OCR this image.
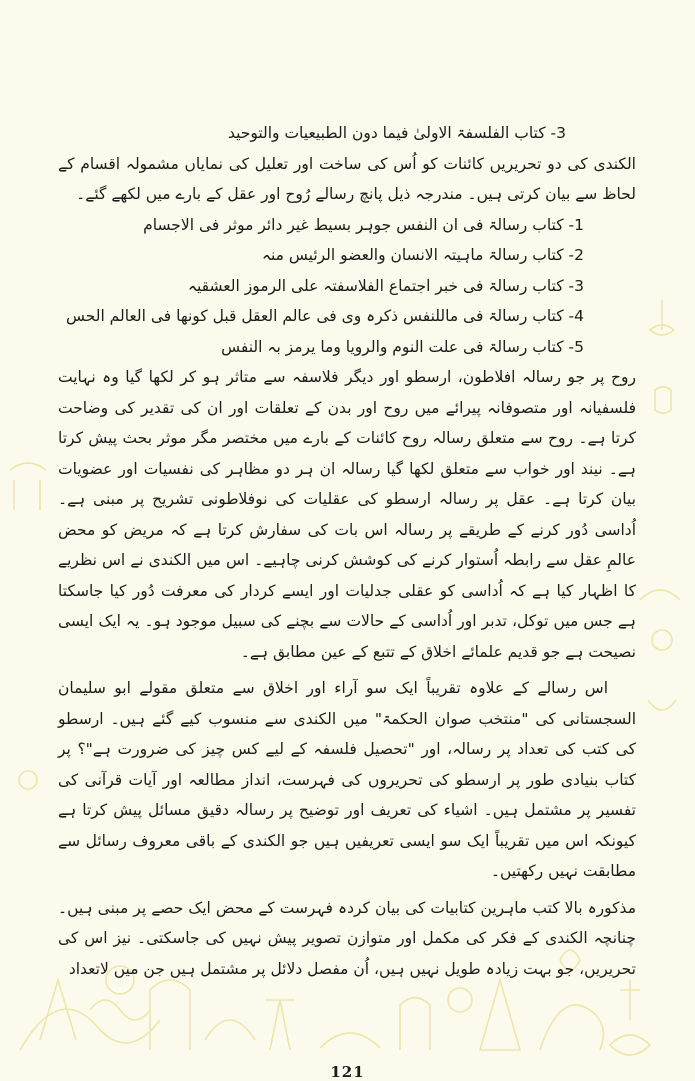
3- کتاب الفلسفۃ الاولیٰ فیما دون الطبیعیات والتوحید

الکندی کی دو تحریریں کائنات کو اُس کی ساخت اور تعلیل کی نمایاں مشمولہ اقسام کے لحاظ سے بیان کرتی ہیں۔ مندرجہ ذیل پانچ رسالے رُوح اور عقل کے بارے میں لکھے گئے۔

1- کتاب رسالۃ فی ان النفس جوہر بسیط غیر دائر موثر فی الاجسام

2- کتاب رسالۃ ماہیتہ الانسان والعضو الرئیس منہ

3- کتاب رسالۃ فی خبر اجتماع الفلاسفتہ علی الرموز العشقیہ

4- کتاب رسالۃ فی ماللنفس ذکرہ وی فی عالم العقل قبل کونھا فی العالم الحس

5- کتاب رسالۃ فی علت النوم والرویا وما یرمز بہ النفس

روح پر جو رسالہ افلاطون، ارسطو اور دیگر فلاسفہ سے متاثر ہو کر لکھا گیا وہ نہایت فلسفیانہ اور متصوفانہ پیرائے میں روح اور بدن کے تعلقات اور ان کی تقدیر کی وضاحت کرتا ہے۔ روح سے متعلق رسالہ روح کائنات کے بارے میں مختصر مگر موثر بحث پیش کرتا ہے۔ نیند اور خواب سے متعلق لکھا گیا رسالہ ان ہر دو مظاہر کی نفسیات اور عضویات بیان کرتا ہے۔ عقل پر رسالہ ارسطو کی عقلیات کی نوفلاطونی تشریح پر مبنی ہے۔ اُداسی دُور کرنے کے طریقے پر رسالہ اس بات کی سفارش کرتا ہے کہ مریض کو محض عالمِ عقل سے رابطہ اُستوار کرنے کی کوشش کرنی چاہیے۔ اس میں الکندی نے اس نظریے کا اظہار کیا ہے کہ اُداسی کو عقلی جدلیات اور ایسے کردار کی معرفت دُور کیا جاسکتا ہے جس میں توکل، تدبر اور اُداسی کے حالات سے بچنے کی سبیل موجود ہو۔ یہ ایک ایسی نصیحت ہے جو قدیم علمائے اخلاق کے تتبع کے عین مطابق ہے۔

اس رسالے کے علاوہ تقریباً ایک سو آراء اور اخلاق سے متعلق مقولے ابو سلیمان السجستانی کی "منتخب صوان الحکمۃ" میں الکندی سے منسوب کیے گئے ہیں۔ ارسطو کی کتب کی تعداد پر رسالہ، اور "تحصیل فلسفہ کے لیے کس چیز کی ضرورت ہے"؟ پر کتاب بنیادی طور پر ارسطو کی تحریروں کی فہرست، انداز مطالعہ اور آیات قرآنی کی تفسیر پر مشتمل ہیں۔ اشیاء کی تعریف اور توضیح پر رسالہ دقیق مسائل پیش کرتا ہے کیونکہ اس میں تقریباً ایک سو ایسی تعریفیں ہیں جو الکندی کے باقی معروف رسائل سے مطابقت نہیں رکھتیں۔

مذکورہ بالا کتب ماہرین کتابیات کی بیان کردہ فہرست کے محض ایک حصے پر مبنی ہیں۔ چنانچہ الکندی کے فکر کی مکمل اور متوازن تصویر پیش نہیں کی جاسکتی۔ نیز اس کی تحریریں، جو بہت زیادہ طویل نہیں ہیں، اُن مفصل دلائل پر مشتمل ہیں جن میں لاتعداد

121
